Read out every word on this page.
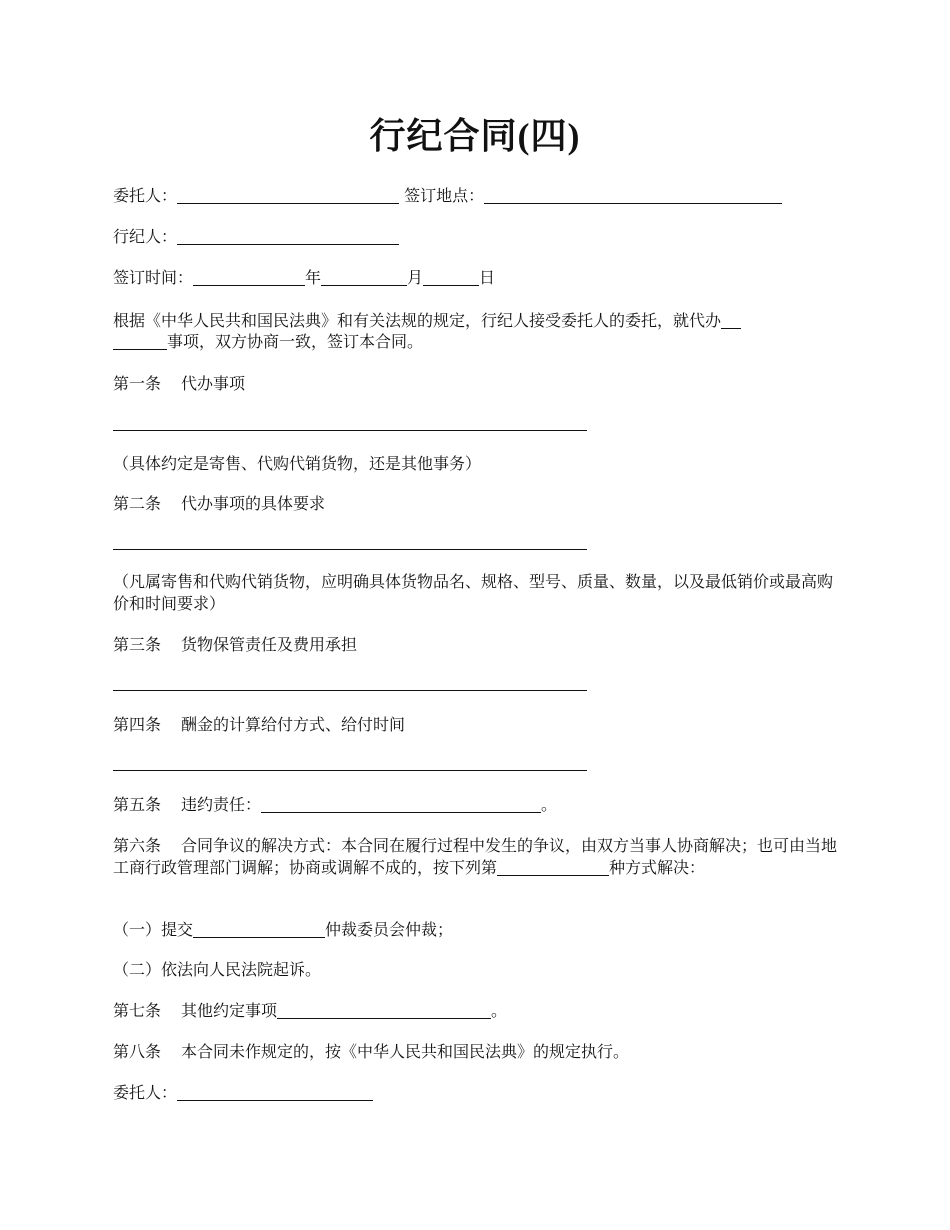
行纪合同(四)
委托人：	签订地点：
行纪人：
签订时间：	年	月	日
根据《中华人民共和国民法典》和有关法规的规定，行纪人接受委托人的委托，就代办
事项，双方协商一致，签订本合同。
第一条 代办事项
（具体约定是寄售、代购代销货物，还是其他事务）
第二条 代办事项的具体要求
（凡属寄售和代购代销货物，应明确具体货物品名、规格、型号、质量、数量，以及最低销价或最高购价和时间要求）
第三条 货物保管责任及费用承担
第四条 酬金的计算给付方式、给付时间
第五条 违约责任：	。
第六条 合同争议的解决方式：本合同在履行过程中发生的争议，由双方当事人协商解决；也可由当地工商行政管理部门调解；协商或调解不成的，按下列第	种方式解决：
（一）提交	仲裁委员会仲裁；
（二）依法向人民法院起诉。
第七条 其他约定事项	。
第八条 本合同未作规定的，按《中华人民共和国民法典》的规定执行。
委托人：
